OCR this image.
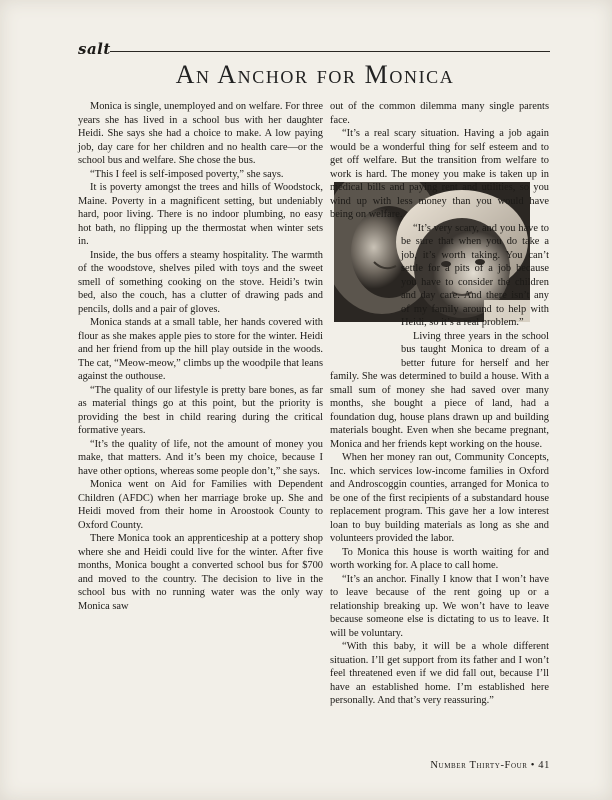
salt
An Anchor for Monica

Monica is single, unemployed and on welfare. For three years she has lived in a school bus with her daughter Heidi. She says she had a choice to make. A low paying job, day care for her children and no health care—or the school bus and welfare. She chose the bus.

“This I feel is self-imposed poverty,” she says.

It is poverty amongst the trees and hills of Woodstock, Maine. Poverty in a magnificent setting, but undeniably hard, poor living. There is no indoor plumbing, no easy hot bath, no flipping up the thermostat when winter sets in.

Inside, the bus offers a steamy hospitality. The warmth of the woodstove, shelves piled with toys and the sweet smell of something cooking on the stove. Heidi’s twin bed, also the couch, has a clutter of drawing pads and pencils, dolls and a pair of gloves.

Monica stands at a small table, her hands covered with flour as she makes apple pies to store for the winter. Heidi and her friend from up the hill play outside in the woods. The cat, “Meow-meow,” climbs up the woodpile that leans against the outhouse.

“The quality of our lifestyle is pretty bare bones, as far as material things go at this point, but the priority is providing the best in child rearing during the critical formative years.

“It’s the quality of life, not the amount of money you make, that matters. And it’s been my choice, because I have other options, whereas some people don’t,” she says.

Monica went on Aid for Families with Dependent Children (AFDC) when her marriage broke up. She and Heidi moved from their home in Aroostook County to Oxford County.

There Monica took an apprenticeship at a pottery shop where she and Heidi could live for the winter. After five months, Monica bought a converted school bus for $700 and moved to the country. The decision to live in the school bus with no running water was the only way Monica saw

out of the common dilemma many single parents face.

“It’s a real scary situation. Having a job again would be a wonderful thing for self esteem and to get off welfare. But the transition from welfare to work is hard. The money you make is taken up in medical bills and paying rent and utilities, so you wind up with less money than you would have being on welfare.

“It’s very scary, and you have to be sure that when you do take a job, it’s worth taking. You can’t settle for a pits of a job because you have to consider the children and day care. And there isn’t any of my family around to help with Heidi, so it’s a real problem.”

Living three years in the school bus taught Monica to dream of a better future for herself and her family. She was determined to build a house. With a small sum of money she had saved over many months, she bought a piece of land, had a foundation dug, house plans drawn up and building materials bought. Even when she became pregnant, Monica and her friends kept working on the house.

When her money ran out, Community Concepts, Inc. which services low-income families in Oxford and Androscoggin counties, arranged for Monica to be one of the first recipients of a substandard house replacement program. This gave her a low interest loan to buy building materials as long as she and volunteers provided the labor.

To Monica this house is worth waiting for and worth working for. A place to call home.

“It’s an anchor. Finally I know that I won’t have to leave because of the rent going up or a relationship breaking up. We won’t have to leave because someone else is dictating to us to leave. It will be voluntary.

“With this baby, it will be a whole different situation. I’ll get support from its father and I won’t feel threatened even if we did fall out, because I’ll have an established home. I’m established here personally. And that’s very reassuring.”

Number Thirty-Four • 41
